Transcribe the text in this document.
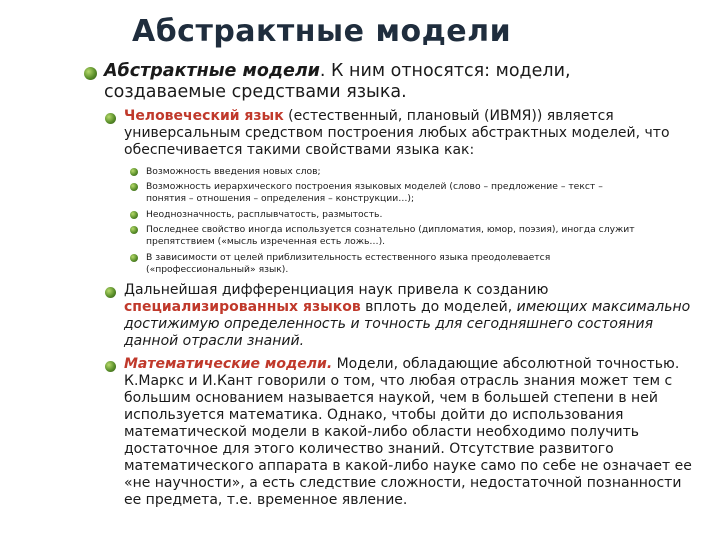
Абстрактные модели
Абстрактные модели. К ним относятся: модели,
создаваемые средствами языка.
Человеческий язык (естественный, плановый (ИВМЯ)) является
универсальным средством построения любых абстрактных моделей, что
обеспечивается такими свойствами языка как:
Возможность введения новых слов;
Возможность иерархического построения языковых моделей (слово – предложение – текст –
понятия – отношения – определения – конструкции…);
Неоднозначность, расплывчатость, размытость.
Последнее свойство иногда используется сознательно (дипломатия, юмор, поэзия), иногда служит
препятствием («мысль изреченная есть ложь…).
В зависимости от целей приблизительность естественного языка преодолевается
(«профессиональный» язык).
Дальнейшая дифференциация наук привела к созданию
специализированных языков вплоть до моделей, имеющих максимально
достижимую определенность и точность для сегодняшнего состояния
данной отрасли знаний.
Математические модели. Модели, обладающие абсолютной точностью.
К.Маркс и И.Кант говорили о том, что любая отрасль знания может тем с
большим основанием называется наукой, чем в большей степени в ней
используется математика. Однако, чтобы дойти до использования
математической модели в какой-либо области необходимо получить
достаточное для этого количество знаний. Отсутствие развитого
математического аппарата в какой-либо науке само по себе не означает ее
«не научности», а есть следствие сложности, недостаточной познанности
ее предмета, т.е. временное явление.
